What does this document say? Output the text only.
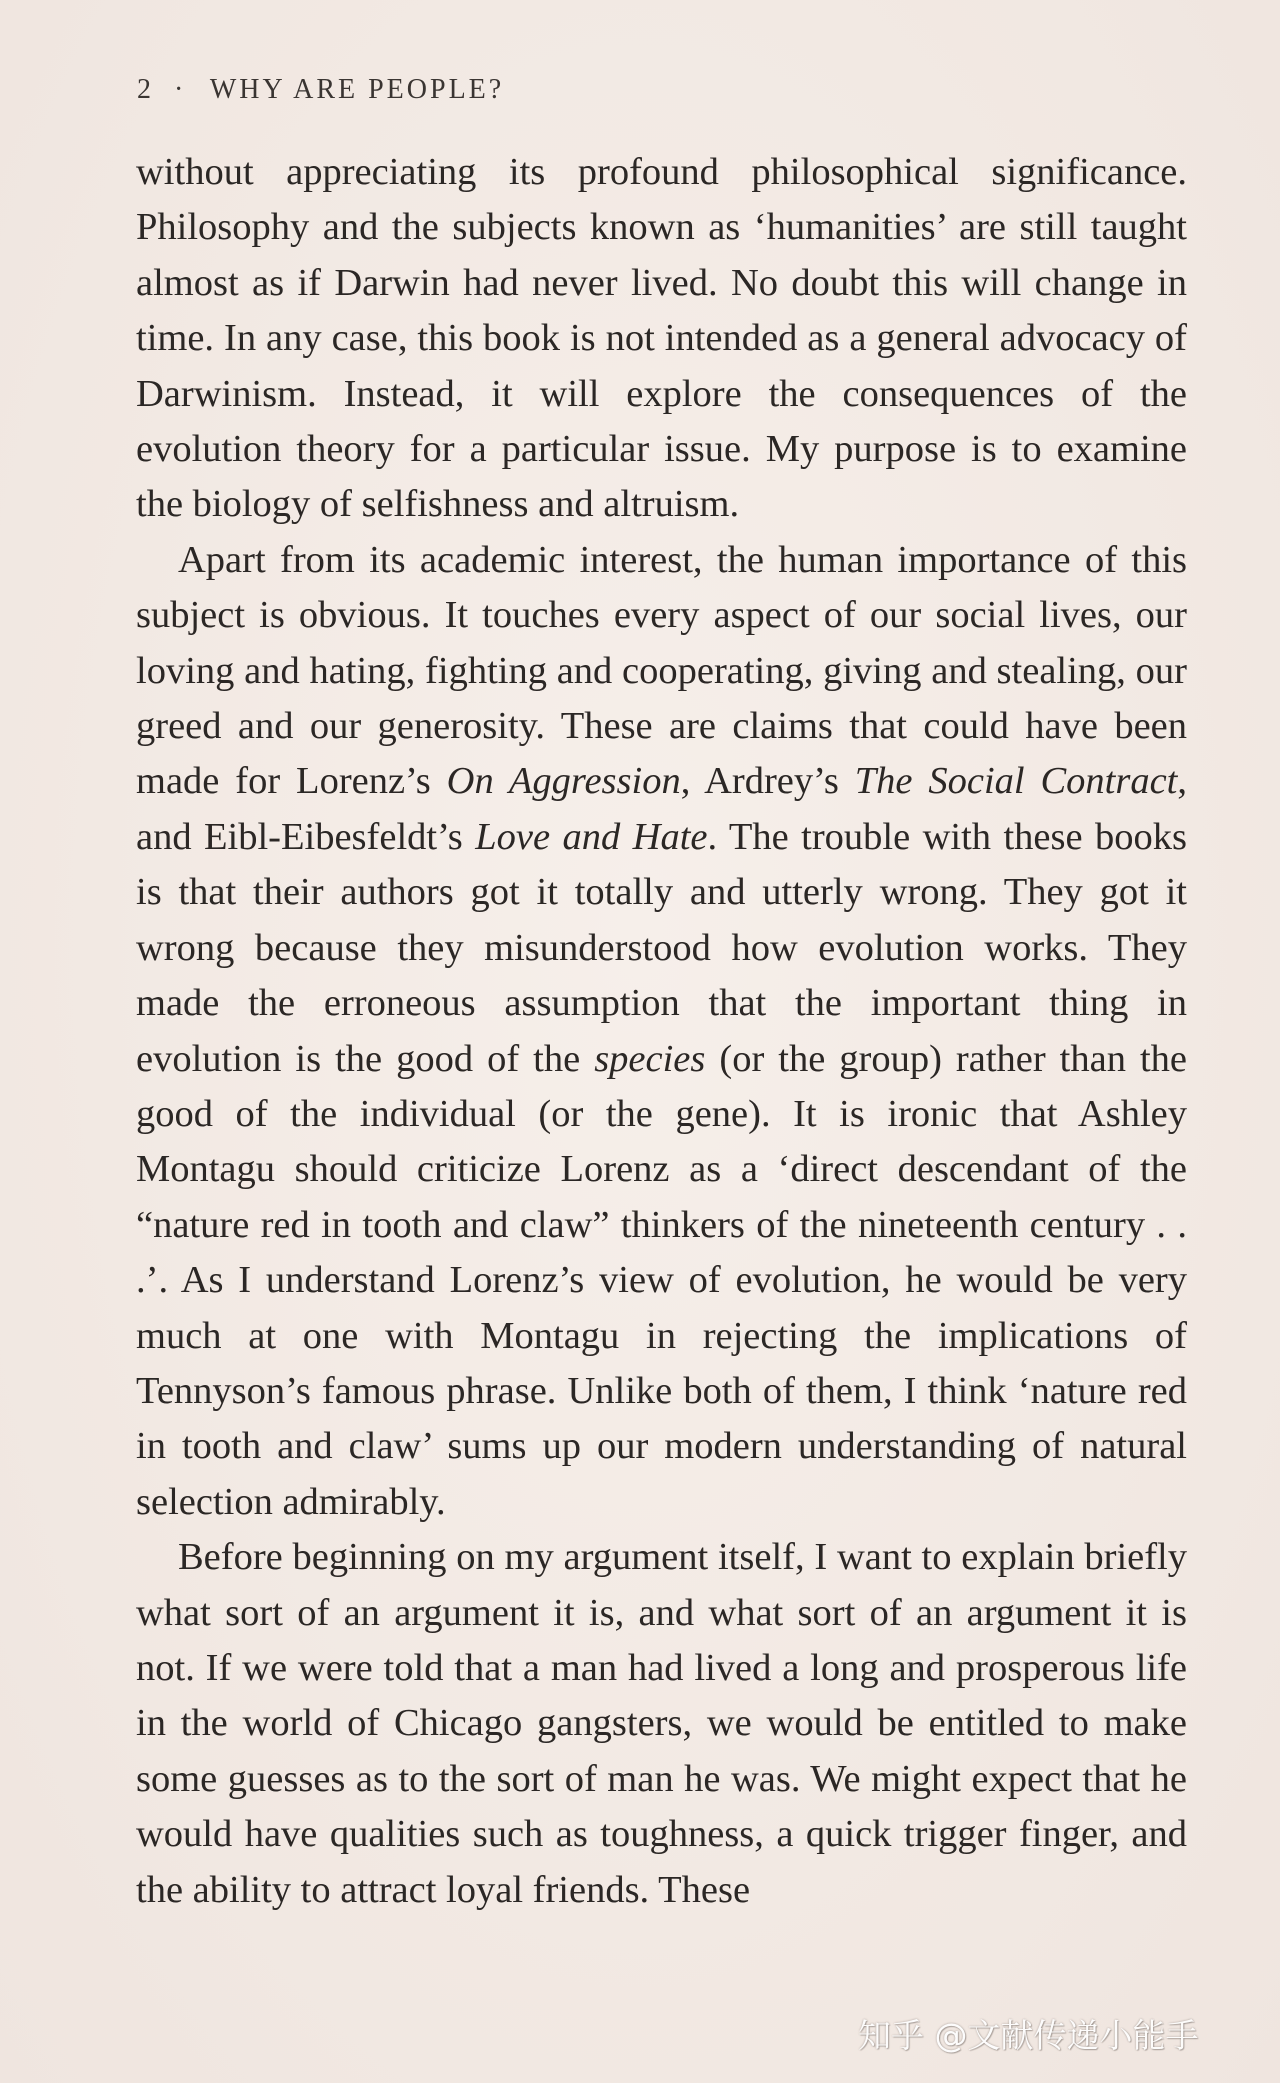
2 · WHY ARE PEOPLE?

without appreciating its profound philosophical significance. Philosophy and the subjects known as ‘humanities’ are still taught almost as if Darwin had never lived. No doubt this will change in time. In any case, this book is not intended as a general advocacy of Darwinism. Instead, it will explore the consequences of the evolution theory for a particular issue. My purpose is to examine the biology of selfishness and altruism.

Apart from its academic interest, the human importance of this subject is obvious. It touches every aspect of our social lives, our loving and hating, fighting and cooperating, giving and stealing, our greed and our generosity. These are claims that could have been made for Lorenz’s On Aggression, Ardrey’s The Social Contract, and Eibl-Eibesfeldt’s Love and Hate. The trouble with these books is that their authors got it totally and utterly wrong. They got it wrong because they misunderstood how evolution works. They made the erroneous assumption that the important thing in evolution is the good of the species (or the group) rather than the good of the individual (or the gene). It is ironic that Ashley Montagu should criticize Lorenz as a ‘direct descendant of the “nature red in tooth and claw” thinkers of the nineteenth century . . .’. As I understand Lorenz’s view of evolution, he would be very much at one with Montagu in rejecting the implications of Tennyson’s famous phrase. Unlike both of them, I think ‘nature red in tooth and claw’ sums up our modern understanding of natural selection admirably.

Before beginning on my argument itself, I want to explain briefly what sort of an argument it is, and what sort of an argument it is not. If we were told that a man had lived a long and prosperous life in the world of Chicago gangsters, we would be entitled to make some guesses as to the sort of man he was. We might expect that he would have qualities such as toughness, a quick trigger finger, and the ability to attract loyal friends. These

知乎 @文献传递小能手
